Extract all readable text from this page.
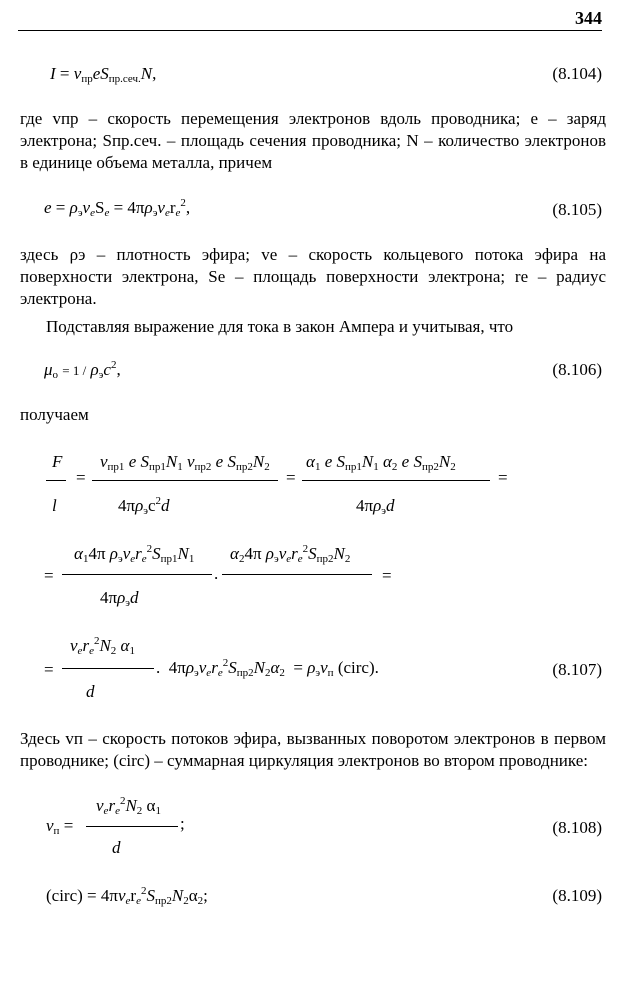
344
$I = v_{пр}eS_{пр.сеч.}N$,	(8.104)
где vпр – скорость перемещения электронов вдоль проводника; e – заряд электрона; Sпр.сеч. – площадь сечения проводника; N – количество электронов в единице объема металла, причем
$e = \rho_эv_eS_e = 4\pi\rho_эv_er_e^2$,	(8.105)
здесь ρэ – плотность эфира; ve – скорость кольцевого потока эфира на поверхности электрона, Se – площадь поверхности электрона; re – радиус электрона.
Подставляя выражение для тока в закон Ампера и учитывая, что
$\mu_o = 1 / \rho_эc^2$,	(8.106)
получаем
F
l
=
$v_{пр1}$ e $S_{пр1}N_1$ $v_{пр2}$ e $S_{пр2}N_2$
$4\pi\rho_эc^2d$
=
$\alpha_1$ e $S_{пр1}N_1$ $\alpha_2$ e $S_{пр2}N_2$
$4\pi\rho_эd$
=
=
$\alpha_14\pi$ $\rho_эv_er_e^2S_{пр1}N_1$
.
$4\pi\rho_эd$
$\alpha_24\pi$ $\rho_эv_er_e^2S_{пр2}N_2$
=
=
$v_er_e^2N_2$ $\alpha_1$
d
.  $4\pi\rho_эv_er_e^2S_{пр2}N_2\alpha_2 = \rho_эv_п$ (circ).	(8.107)
Здесь vп – скорость потоков эфира, вызванных поворотом электронов в первом проводнике; (circ) – суммарная циркуляция электронов во втором проводнике:
$v_er_e^2N_2$ $\alpha_1$
$v_п$ =	;
d
(8.108)
(circ) = $4\pi v_er_e^2S_{пр2}N_2\alpha_2$;	(8.109)
